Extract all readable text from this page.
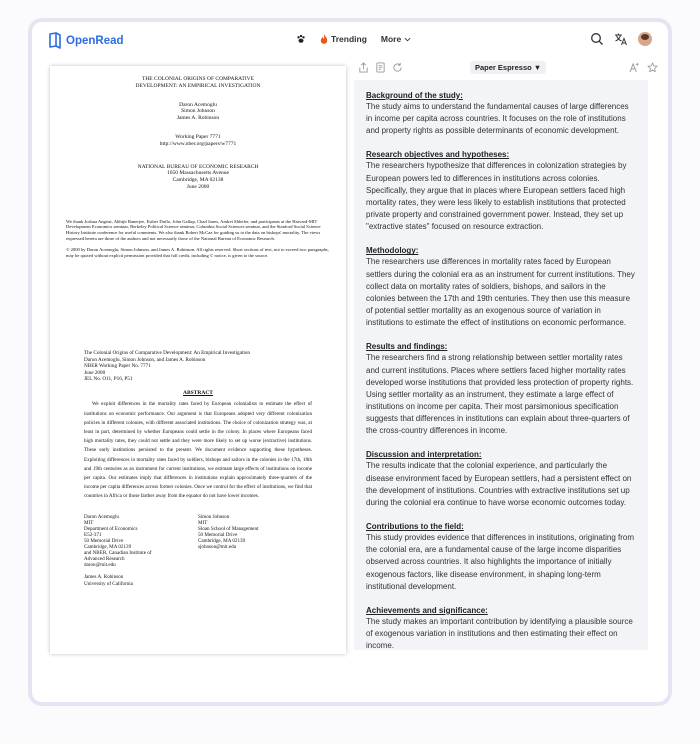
OpenRead	Trending More
THE COLONIAL ORIGINS OF COMPARATIVE
DEVELOPMENT: AN EMPIRICAL INVESTIGATION
Daron Acemoglu
Simon Johnson
James A. Robinson
Working Paper 7771
http://www.nber.org/papers/w7771
NATIONAL BUREAU OF ECONOMIC RESEARCH
1050 Massachusetts Avenue
Cambridge, MA 02138
June 2000
We thank Joshua Angrist, Abhijit Banerjee, Esther Duflo, John Gallup, Chad Jones, Andrei Shleifer, and participants at the Harvard-MIT Development Economics seminar, Berkeley Political Science seminar, Columbia Social Sciences seminar, and the Stanford Social Science History Institute conference for useful comments. We also thank Robert McCaa for guiding us to the data on bishops' mortality. The views expressed herein are those of the authors and not necessarily those of the National Bureau of Economic Research.
© 2000 by Daron Acemoglu, Simon Johnson, and James A. Robinson. All rights reserved. Short sections of text, not to exceed two paragraphs, may be quoted without explicit permission provided that full credit, including © notice, is given to the source.
The Colonial Origins of Comparative Development: An Empirical Investigation
Daron Acemoglu, Simon Johnson, and James A. Robinson
NBER Working Paper No. 7771
June 2000
JEL No. O11, P16, P51
ABSTRACT
We exploit differences in the mortality rates faced by European colonialists to estimate the effect of institutions on economic performance. Our argument is that Europeans adopted very different colonization policies in different colonies, with different associated institutions. The choice of colonization strategy was, at least in part, determined by whether Europeans could settle in the colony. In places where Europeans faced high mortality rates, they could not settle and they were more likely to set up worse (extractive) institutions. These early institutions persisted to the present. We document evidence supporting these hypotheses. Exploiting differences in mortality rates faced by soldiers, bishops and sailors in the colonies in the 17th, 18th and 19th centuries as an instrument for current institutions, we estimate large effects of institutions on income per capita. Our estimates imply that differences in institutions explain approximately three-quarters of the income per capita differences across former colonies. Once we control for the effect of institutions, we find that countries in Africa or those farther away from the equator do not have lower incomes.
Daron Acemoglu
MIT
Department of Economics
E52-371
50 Memorial Drive
Cambridge, MA 02139
and NBER, Canadian Institute of
Advanced Research
daron@mit.edu
Simon Johnson
MIT
Sloan School of Management
50 Memorial Drive
Cambridge, MA 02139
sjohnson@mit.edu
James A. Robinson
University of California
Paper Espresso ▼
Background of the study:
The study aims to understand the fundamental causes of large differences in income per capita across countries. It focuses on the role of institutions and property rights as possible determinants of economic development.
Research objectives and hypotheses:
The researchers hypothesize that differences in colonization strategies by European powers led to differences in institutions across colonies. Specifically, they argue that in places where European settlers faced high mortality rates, they were less likely to establish institutions that protected private property and constrained government power. Instead, they set up "extractive states" focused on resource extraction.
Methodology:
The researchers use differences in mortality rates faced by European settlers during the colonial era as an instrument for current institutions. They collect data on mortality rates of soldiers, bishops, and sailors in the colonies between the 17th and 19th centuries. They then use this measure of potential settler mortality as an exogenous source of variation in institutions to estimate the effect of institutions on economic performance.
Results and findings:
The researchers find a strong relationship between settler mortality rates and current institutions. Places where settlers faced higher mortality rates developed worse institutions that provided less protection of property rights. Using settler mortality as an instrument, they estimate a large effect of institutions on income per capita. Their most parsimonious specification suggests that differences in institutions can explain about three-quarters of the cross-country differences in income.
Discussion and interpretation:
The results indicate that the colonial experience, and particularly the disease environment faced by European settlers, had a persistent effect on the development of institutions. Countries with extractive institutions set up during the colonial era continue to have worse economic outcomes today.
Contributions to the field:
This study provides evidence that differences in institutions, originating from the colonial era, are a fundamental cause of the large income disparities observed across countries. It also highlights the importance of initially exogenous factors, like disease environment, in shaping long-term institutional development.
Achievements and significance:
The study makes an important contribution by identifying a plausible source of exogenous variation in institutions and then estimating their effect on income.
